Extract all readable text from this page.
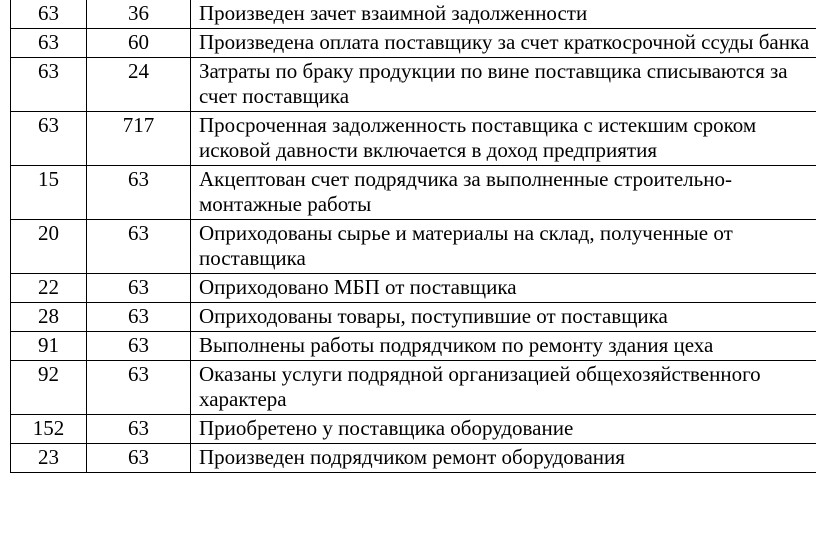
63	36	Произведен зачет взаимной задолженности
63	60	Произведена оплата поставщику за счет краткосрочной ссуды банка
63	24	Затраты по браку продукции по вине поставщика списываются за счет поставщика
63	717	Просроченная задолженность поставщика с истекшим сроком исковой давности включается в доход предприятия
15	63	Акцептован счет подрядчика за выполненные строительно-монтажные работы
20	63	Оприходованы сырье и материалы на склад, полученные от поставщика
22	63	Оприходовано МБП от поставщика
28	63	Оприходованы товары, поступившие от поставщика
91	63	Выполнены работы подрядчиком по ремонту здания цеха
92	63	Оказаны услуги подрядной организацией общехозяйственного характера
152	63	Приобретено у поставщика оборудование
23	63	Произведен подрядчиком ремонт оборудования
